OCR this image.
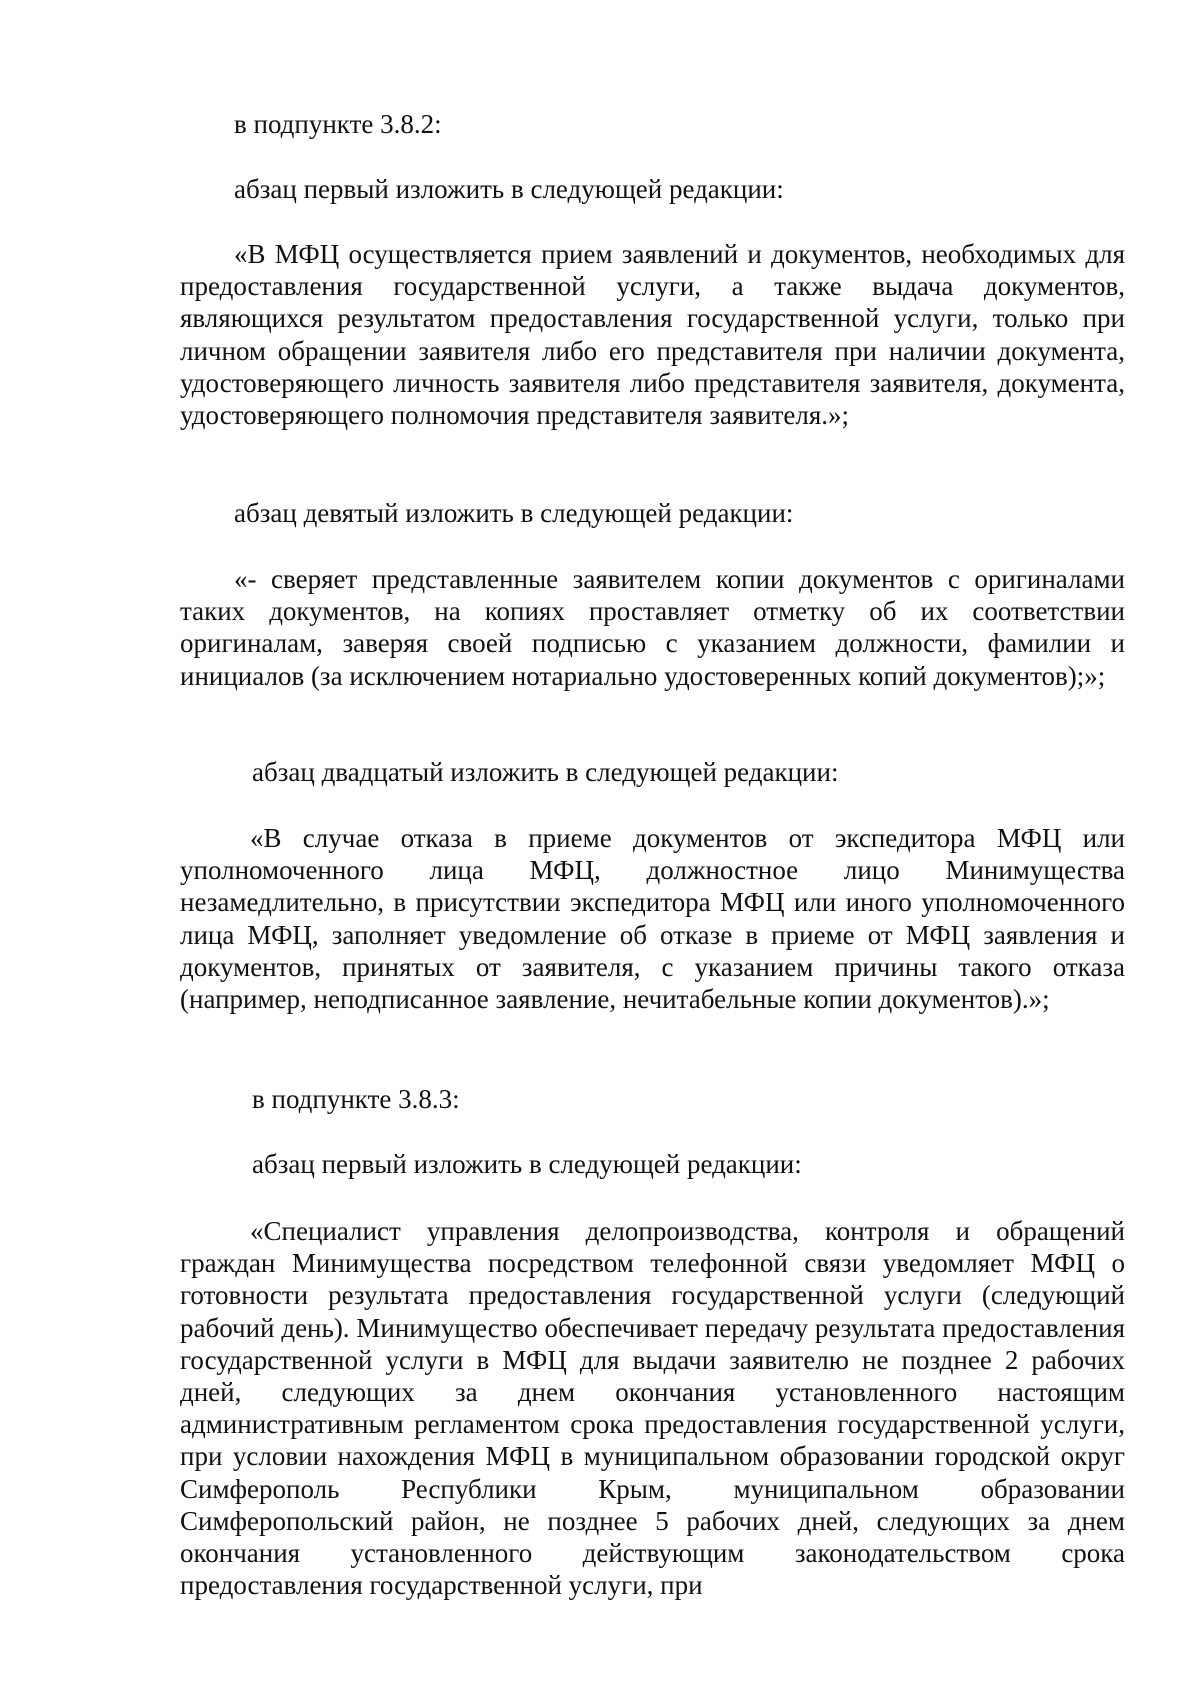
в подпункте 3.8.2:

абзац первый изложить в следующей редакции:

«В МФЦ осуществляется прием заявлений и документов, необходимых для предоставления государственной услуги, а также выдача документов, являющихся результатом предоставления государственной услуги, только при личном обращении заявителя либо его представителя при наличии документа, удостоверяющего личность заявителя либо представителя заявителя, документа, удостоверяющего полномочия представителя заявителя.»;

абзац девятый изложить в следующей редакции:

«- сверяет представленные заявителем копии документов с оригиналами таких документов, на копиях проставляет отметку об их соответствии оригиналам, заверяя своей подписью с указанием должности, фамилии и инициалов (за исключением нотариально удостоверенных копий документов);»;

абзац двадцатый изложить в следующей редакции:

«В случае отказа в приеме документов от экспедитора МФЦ или уполномоченного лица МФЦ, должностное лицо Минимущества незамедлительно, в присутствии экспедитора МФЦ или иного уполномоченного лица МФЦ, заполняет уведомление об отказе в приеме от МФЦ заявления и документов, принятых от заявителя, с указанием причины такого отказа (например, неподписанное заявление, нечитабельные копии документов).»;

в подпункте 3.8.3:

абзац первый изложить в следующей редакции:

«Специалист управления делопроизводства, контроля и обращений граждан Минимущества посредством телефонной связи уведомляет МФЦ о готовности результата предоставления государственной услуги (следующий рабочий день). Минимущество обеспечивает передачу результата предоставления государственной услуги в МФЦ для выдачи заявителю не позднее 2 рабочих дней, следующих за днем окончания установленного настоящим административным регламентом срока предоставления государственной услуги, при условии нахождения МФЦ в муниципальном образовании городской округ Симферополь Республики Крым, муниципальном образовании Симферопольский район, не позднее 5 рабочих дней, следующих за днем окончания установленного действующим законодательством срока предоставления государственной услуги, при
